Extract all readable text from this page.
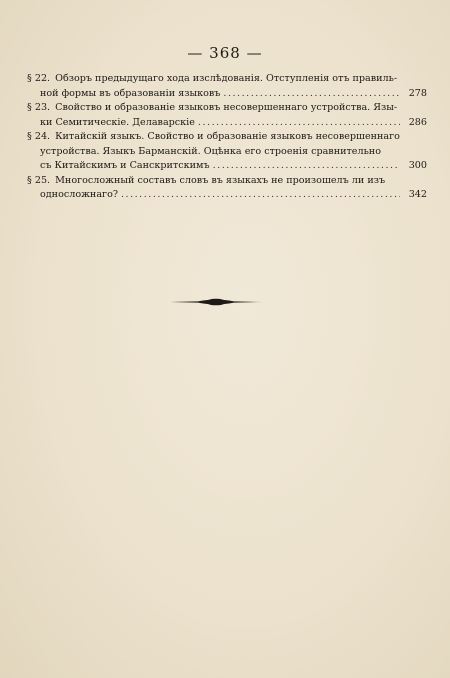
— 368 —
§ 22. Обзоръ предыдущаго хода изслѣдованія. Отступленія отъ правиль-
ной формы въ образованіи языковъ .....	278
§ 23. Свойство и образованіе языковъ несовершеннаго устройства. Язы-
ки Семитическіе. Делаварскіе .....	286
§ 24. Китайскій языкъ. Свойство и образованіе языковъ несовершеннаго
устройства. Языкъ Барманскій. Оцѣнка его строенія сравнительно
съ Китайскимъ и Санскритскимъ .....	300
§ 25. Многосложный составъ словъ въ языкахъ не произошелъ ли изъ
односложнаго? .....	342
